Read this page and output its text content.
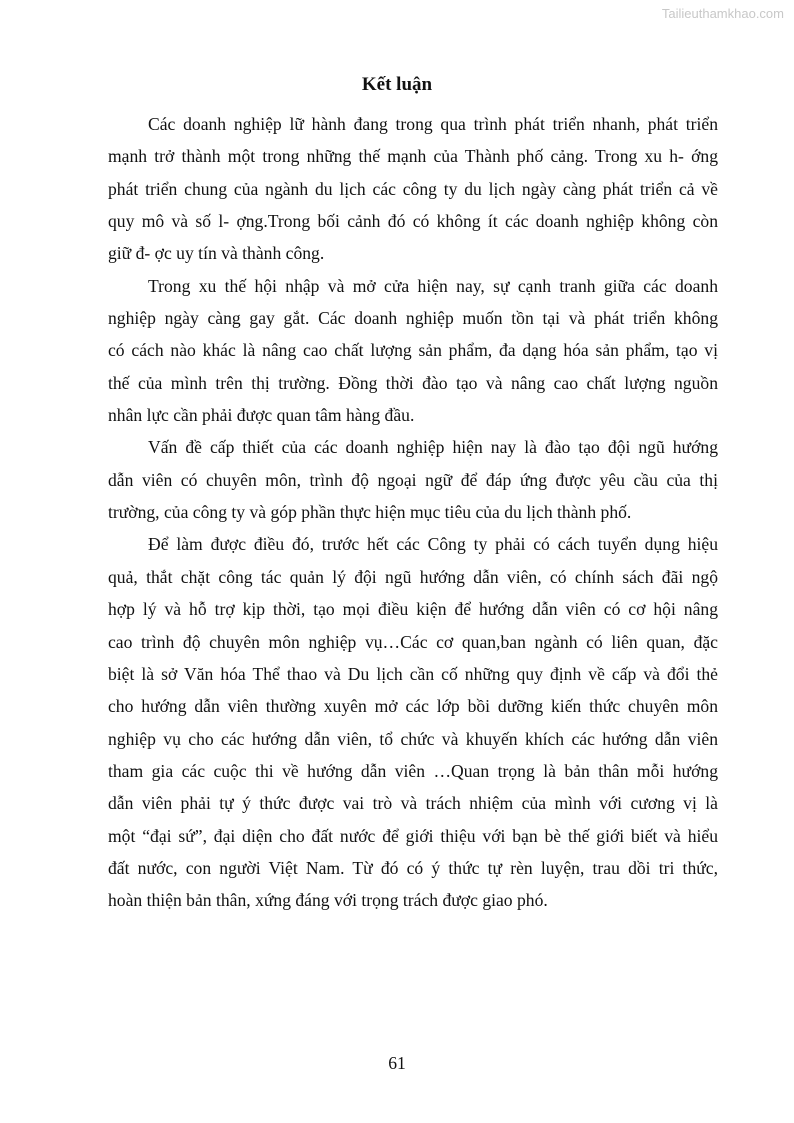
Tailieuthamkhao.com
Kết luận
Các doanh nghiệp lữ hành đang trong qua trình phát triển nhanh, phát triển
mạnh trở thành một trong những thế mạnh của Thành phố cảng. Trong xu h- ớng
phát triển chung của ngành du lịch các công ty du lịch ngày càng phát triển cả về
quy mô và số l- ợng.Trong bối cảnh đó có không ít các doanh nghiệp không còn
giữ đ- ợc uy tín và thành công.
Trong xu thế hội nhập và mở cửa hiện nay, sự cạnh tranh giữa các doanh
nghiệp ngày càng gay gắt. Các doanh nghiệp muốn tồn tại và phát triển không
có cách nào khác là nâng cao chất lượng sản phẩm, đa dạng hóa sản phẩm, tạo vị
thế của mình trên thị trường. Đồng thời đào tạo và nâng cao chất lượng nguồn
nhân lực cần phải được quan tâm hàng đầu.
Vấn đề cấp thiết của các doanh nghiệp hiện nay là đào tạo đội ngũ hướng
dẫn viên có chuyên môn, trình độ ngoại ngữ để đáp ứng được yêu cầu của thị
trường, của công ty và góp phần thực hiện mục tiêu của du lịch thành phố.
Để làm được điều đó, trước hết các Công ty phải có cách tuyển dụng hiệu
quả, thắt chặt công tác quản lý đội ngũ hướng dẫn viên, có chính sách đãi ngộ
hợp lý và hỗ trợ kịp thời, tạo mọi điều kiện để hướng dẫn viên có cơ hội nâng
cao trình độ chuyên môn nghiệp vụ…Các cơ quan,ban ngành có liên quan, đặc
biệt là sở Văn hóa Thể thao và Du lịch cần cố những quy định về cấp và đổi thẻ
cho hướng dẫn viên thường xuyên mở các lớp bồi dưỡng kiến thức chuyên môn
nghiệp vụ cho các hướng dẫn viên, tổ chức và khuyến khích các hướng dẫn viên
tham gia các cuộc thi về hướng dẫn viên …Quan trọng là bản thân mỗi hướng
dẫn viên phải tự ý thức được vai trò và trách nhiệm của mình với cương vị là
một “đại sứ”, đại diện cho đất nước để giới thiệu với bạn bè thế giới biết và hiểu
đất nước, con người Việt Nam. Từ đó có ý thức tự rèn luyện, trau dồi tri thức,
hoàn thiện bản thân, xứng đáng với trọng trách được giao phó.
61
